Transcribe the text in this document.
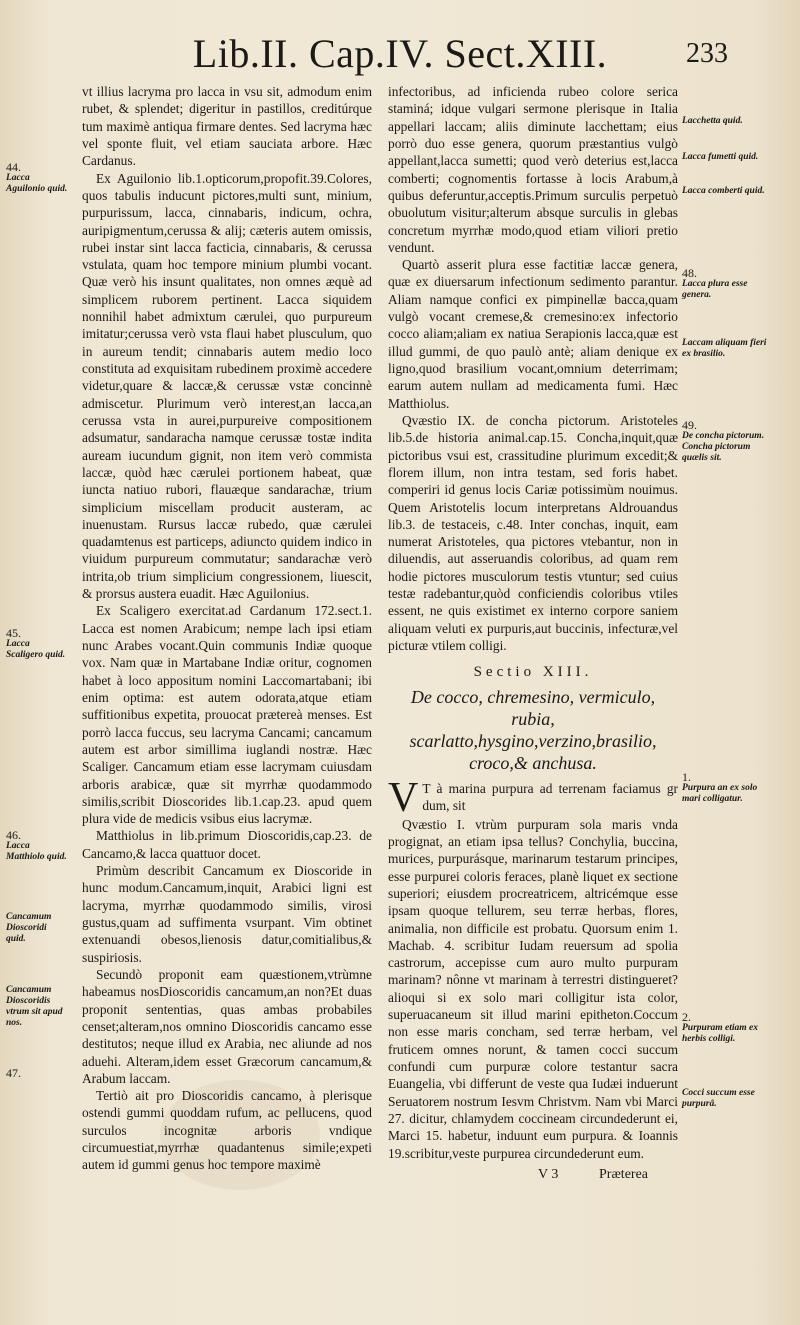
Lib.II. Cap.IV. Sect.XIII.	233

vt illius lacryma pro lacca in vsu sit, admodum enim rubet, & splendet; digeritur in pastillos, creditúrque tum maximè antiqua firmare dentes. Sed lacryma hæc vel sponte fluit, vel etiam sauciata arbore. Hæc Cardanus.

Ex Aguilonio lib.1.opticorum,propofit.39.Colores, quos tabulis inducunt pictores,multi sunt, minium, purpurissum, lacca, cinnabaris, indicum, ochra, auripigmentum,cerussa & alij; cæteris autem omissis, rubei instar sint lacca facticia, cinnabaris, & cerussa vstulata, quam hoc tempore minium plumbi vocant. Quæ verò his insunt qualitates, non omnes æquè ad simplicem ruborem pertinent. Lacca siquidem nonnihil habet admixtum cærulei, quo purpureum imitatur;cerussa verò vsta flaui habet plusculum, quo in aureum tendit; cinnabaris autem medio loco constituta ad exquisitam rubedinem proximè accedere videtur,quare & laccæ,& cerussæ vstæ concinnè admiscetur. Plurimum verò interest,an lacca,an cerussa vsta in aurei,purpureive compositionem adsumatur, sandaracha namque cerussæ tostæ indita auream iucundum gignit, non item verò commista laccæ, quòd hæc cærulei portionem habeat, quæ iuncta natiuo rubori, flauæque sandarachæ, trium simplicium miscellam producit austeram, ac inuenustam. Rursus laccæ rubedo, quæ cærulei quadamtenus est particeps, adiuncto quidem indico in viuidum purpureum commutatur; sandarachæ verò intrita,ob trium simplicium congressionem, liuescit, & prorsus austera euadit. Hæc Aguilonius.

Ex Scaligero exercitat.ad Cardanum 172.sect.1. Lacca est nomen Arabicum; nempe lach ipsi etiam nunc Arabes vocant.Quin communis Indiæ quoque vox. Nam quæ in Martabane Indiæ oritur, cognomen habet à loco appositum nomini Laccomartabani; ibi enim optima: est autem odorata,atque etiam suffitionibus expetita, prouocat prætereà menses. Est porrò lacca fuccus, seu lacryma Cancami; cancamum autem est arbor simillima iuglandi nostræ. Hæc Scaliger. Cancamum etiam esse lacrymam cuiusdam arboris arabicæ, quæ sit myrrhæ quodammodo similis,scribit Dioscorides lib.1.cap.23. apud quem plura vide de medicis vsibus eius lacrymæ.

Matthiolus in lib.primum Dioscoridis,cap.23. de Cancamo,& lacca quattuor docet.

Primùm describit Cancamum ex Dioscoride in hunc modum.Cancamum,inquit, Arabici ligni est lacryma, myrrhæ quodammodo similis, virosi gustus,quam ad suffimenta vsurpant. Vim obtinet extenuandi obesos,lienosis datur,comitialibus,& suspiriosis.

Secundò proponit eam quæstionem,vtrùmne habeamus nosDioscoridis cancamum,an non?Et duas proponit sententias, quas ambas probabiles censet;alteram,nos omnino Dioscoridis cancamo esse destitutos; neque illud ex Arabia, nec aliunde ad nos aduehi. Alteram,idem esset Græcorum cancamum,& Arabum laccam.

Tertiò ait pro Dioscoridis cancamo, à plerisque ostendi gummi quoddam rufum, ac pellucens, quod surculos incognitæ arboris vndique circumuestiat,myrrhæ quadantenus simile;expeti autem id gummi genus hoc tempore maximè

infectoribus, ad inficienda rubeo colore serica staminá; idque vulgari sermone plerisque in Italia appellari laccam; aliis diminute lacchettam; eius porrò duo esse genera, quorum præstantius vulgò appellant,lacca sumetti; quod verò deterius est,lacca comberti; cognomentis fortasse à locis Arabum,à quibus deferuntur,acceptis.Primum surculis perpetuò obuolutum visitur;alterum absque surculis in glebas concretum myrrhæ modo,quod etiam viliori pretio vendunt.

Quartò asserit plura esse factitiæ laccæ genera, quæ ex diuersarum infectionum sedimento parantur. Aliam namque confici ex pimpinellæ bacca,quam vulgò vocant cremese,& cremesino:ex infectorio cocco aliam;aliam ex natiua Serapionis lacca,quæ est illud gummi, de quo paulò antè; aliam denique ex ligno,quod brasilium vocant,omnium deterrimam; earum autem nullam ad medicamenta fumi. Hæc Matthiolus.

Qvæstio IX. de concha pictorum. Aristoteles lib.5.de historia animal.cap.15. Concha,inquit,quæ pictoribus vsui est, crassitudine plurimum excedit;& florem illum, non intra testam, sed foris habet. comperiri id genus locis Cariæ potissimùm nouimus. Quem Aristotelis locum interpretans Aldrouandus lib.3. de testaceis, c.48. Inter conchas, inquit, eam numerat Aristoteles, qua pictores vtebantur, non in diluendis, aut asseruandis coloribus, ad quam rem hodie pictores musculorum testis vtuntur; sed cuius testæ radebantur,quòd conficiendis coloribus vtiles essent, ne quis existimet ex interno corpore saniem aliquam veluti ex purpuris,aut buccinis, infecturæ,vel picturæ vtilem colligi.

Sectio XIII.
De cocco, chremesino, vermiculo, rubia, scarlatto,hysgino,verzino,brasilio, croco,& anchusa.

V T à marina purpura ad terrenam faciamus gr dum, sit

Qvæstio I. vtrùm purpuram sola maris vnda progignat, an etiam ipsa tellus? Conchylia, buccina, murices, purpurásque, marinarum testarum principes, esse purpurei coloris feraces, planè liquet ex sectione superiori; eiusdem procreatricem, altricémque esse ipsam quoque tellurem, seu terræ herbas, flores, animalia, non difficile est probatu. Quorsum enim 1. Machab. 4. scribitur Iudam reuersum ad spolia castrorum, accepisse cum auro multo purpuram marinam? nônne vt marinam à terrestri distingueret? alioqui si ex solo mari colligitur ista color, superuacaneum sit illud marini epitheton.Coccum non esse maris concham, sed terræ herbam, vel fruticem omnes norunt, & tamen cocci succum confundi cum purpuræ colore testantur sacra Euangelia, vbi differunt de veste qua Iudæi induerunt Seruatorem nostrum Iesvm Christvm. Nam vbi Marci 27. dicitur, chlamydem coccineam circundederunt ei, Marci 15. habetur, induunt eum purpura. & Ioannis 19.scribitur,veste purpurea circundederunt eum.

V 3	Præterea
44.
Lacca Aguilonio quid.
45.
Lacca Scaligero quid.
46.
Lacca Matthiolo quid.
Cancamum Dioscoridi quid.
Cancamum Dioscoridis vtrum sit apud nos.
47.
Lacchetta quid.
Lacca fumetti quid.
Lacca comberti quid.
48.
Lacca plura esse genera.
Laccam aliquam fieri ex brasilio.
49.
De concha pictorum. Concha pictorum quælis sit.
1.
Purpura an ex solo mari colligatur.
2.
Purpuram etiam ex herbis colligi.
Cocci succum esse purpurâ.
